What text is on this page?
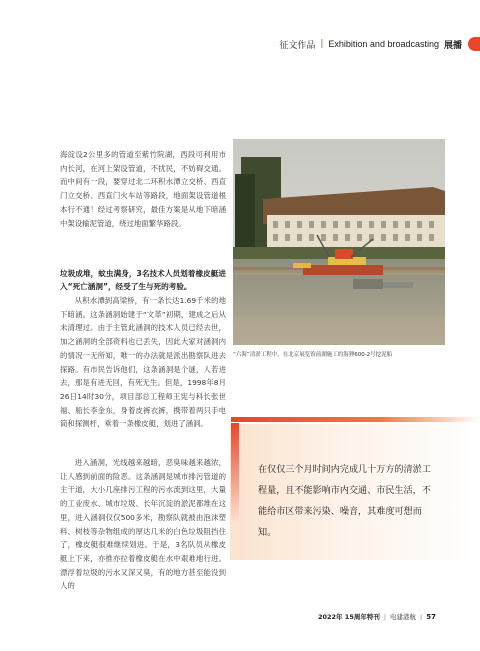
征文作品 | Exhibition and broadcasting 展播

海淀设2公里多的管道至紫竹院湖，西段可利用市内长河，在河上架设管道，不扰民，不妨碍交通。而中间有一段，要穿过北二环积水潭立交桥、西直门立交桥、西直门火车站等路段，地面架设管道根本行不通！经过考察研究，最佳方案是从地下暗涵中架设输泥管道，绕过地面繁华路段。

垃圾成堆，蚊虫满身，3名技术人员划着橡皮艇进入“死亡涵洞”，经受了生与死的考验。

从积水潭到高梁桥，有一条长达1.69千米的地下暗涵。这条涵洞始建于“文革”初期，建成之后从未清理过。由于主管此涵洞的技术人员已经去世，加之涵洞的全部资料也已丢失，因此大家对涵洞内的情况一无所知，唯一的办法就是派出勘察队进去探路。有市民告诉他们，这条涵洞是个谜，人若进去，那是有进无回，有死无生。但是，1998年8月26日14时30分，项目部总工程师王宪与科长张世福、船长李金东，身着皮裤衣裤，携带着两只手电筒和探测杆，乘着一条橡皮艇，划进了涵洞。

进入涵洞，光线越来越暗，恶臭味越来越浓，让人感到前面的险恶。这条涵洞是城市排污管道的主干道，大小几座排污工程的污水流到这里，大量的工业废水、城市垃圾、长年沉淀的淤泥都堆在这里，进入涵洞仅仅500多米，勘察队就被由泡沫塑料、树枝等杂物组成的厚达几米的白色垃圾阻挡住了，橡皮艇很难继续划进。于是，3名队员从橡皮艇上下来，亦推亦拉着橡皮艇在水中艰难地行进。漂浮着垃圾的污水又深又臭，有的地方甚至能没到人的

“六海”清淤工程中，在北京展览馆前湖施工的海狸600-2号挖泥船
在仅仅三个月时间内完成几十万方的清淤工程量，且不能影响市内交通、市民生活，不能给市区带来污染、噪音，其难度可想而知。
2022年 15周年特刊 | 电建港航 | 57
